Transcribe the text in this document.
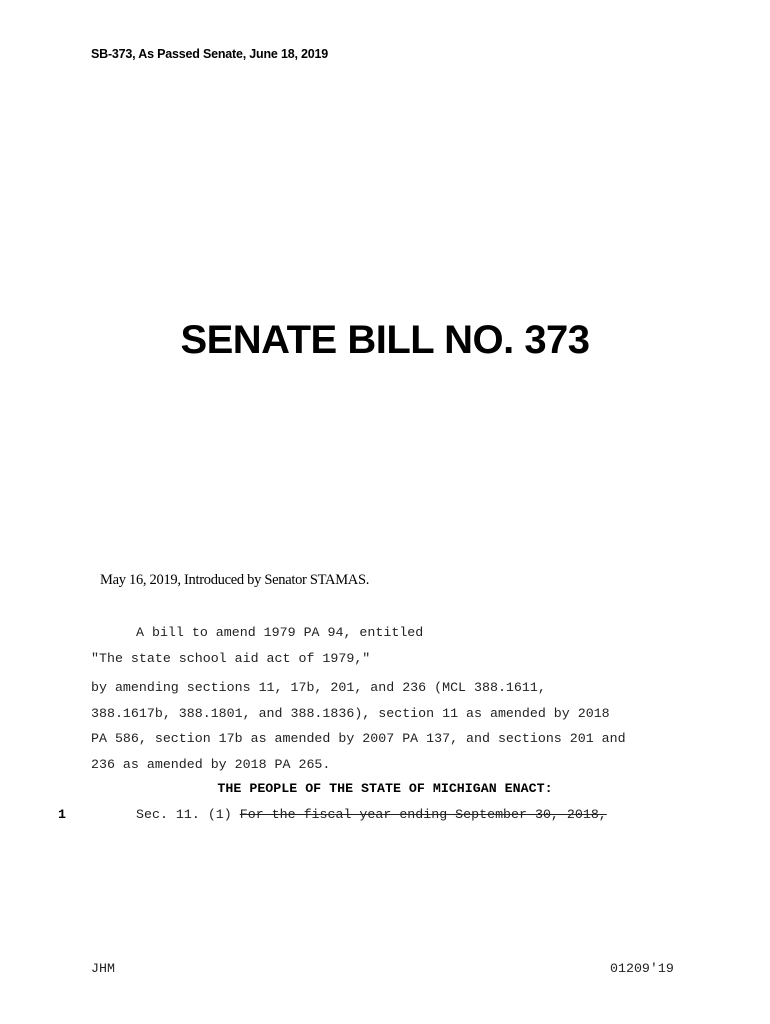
SB-373, As Passed Senate, June 18, 2019
SENATE BILL NO. 373
May 16, 2019, Introduced by Senator STAMAS.
A bill to amend 1979 PA 94, entitled
"The state school aid act of 1979,"
by amending sections 11, 17b, 201, and 236 (MCL 388.1611,
388.1617b, 388.1801, and 388.1836), section 11 as amended by 2018
PA 586, section 17b as amended by 2007 PA 137, and sections 201 and
236 as amended by 2018 PA 265.
THE PEOPLE OF THE STATE OF MICHIGAN ENACT:
1	Sec. 11. (1) For the fiscal year ending September 30, 2018,
JHM	01209'19
